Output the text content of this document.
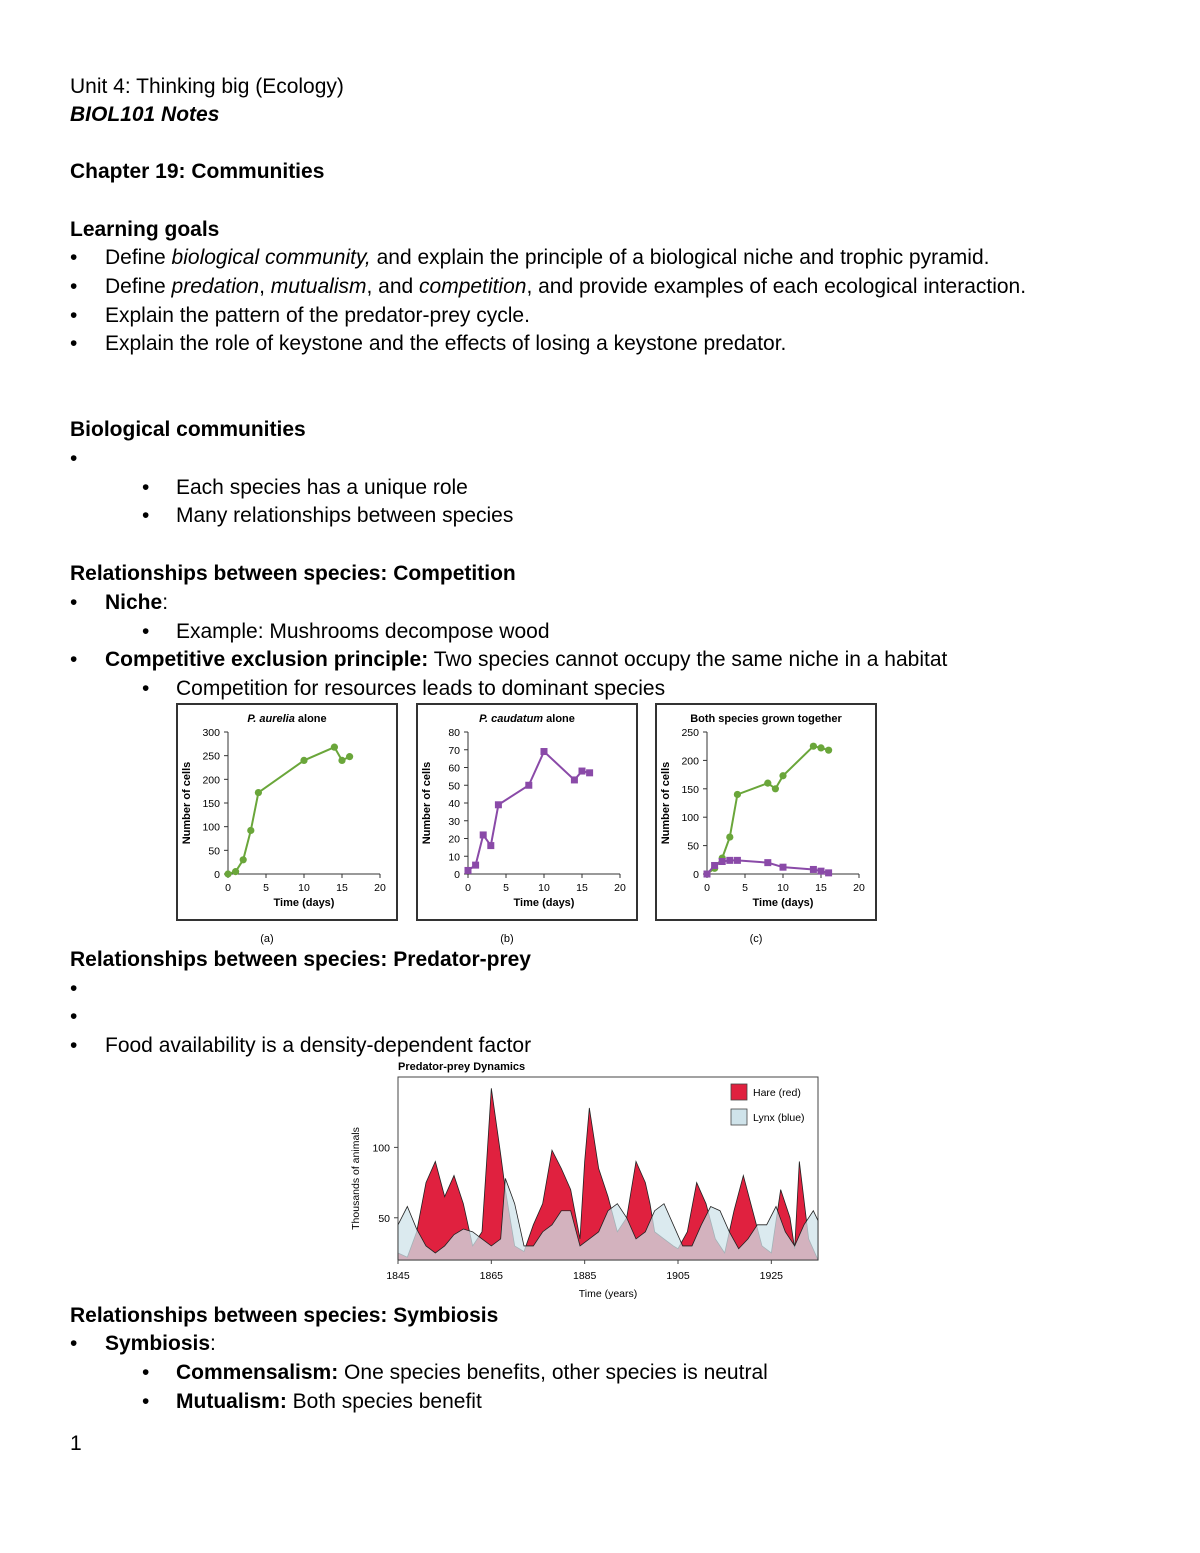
Unit 4: Thinking big (Ecology)
BIOL101 Notes
Chapter 19: Communities
Learning goals
• Define biological community, and explain the principle of a biological niche and trophic pyramid.
• Define predation, mutualism, and competition, and provide examples of each ecological interaction.
• Explain the pattern of the predator-prey cycle.
• Explain the role of keystone and the effects of losing a keystone predator.
Biological communities
•
• Each species has a unique role
• Many relationships between species
Relationships between species: Competition
• Niche:
• Example: Mushrooms decompose wood
• Competitive exclusion principle: Two species cannot occupy the same niche in a habitat
• Competition for resources leads to dominant species
P. aurelia alone
0
50
100
150
200
250
300
0	5	10	15	20
Time (days)
Number of cells
(a)
P. caudatum alone
0
10
20
30
40
50
60
70
80
0	5	10	15	20
Time (days)
Number of cells
(b)
Both species grown together
0
50
100
150
200
250
0	5	10	15	20
Time (days)
Number of cells
(c)
Relationships between species: Predator-prey
•
•
• Food availability is a density-dependent factor
Predator-prey Dynamics
50
100
1845	1865	1885	1905	1925
Time (years)
Thousands of animals
Hare (red)
Lynx (blue)
Relationships between species: Symbiosis
• Symbiosis:
• Commensalism: One species benefits, other species is neutral
• Mutualism: Both species benefit
1
